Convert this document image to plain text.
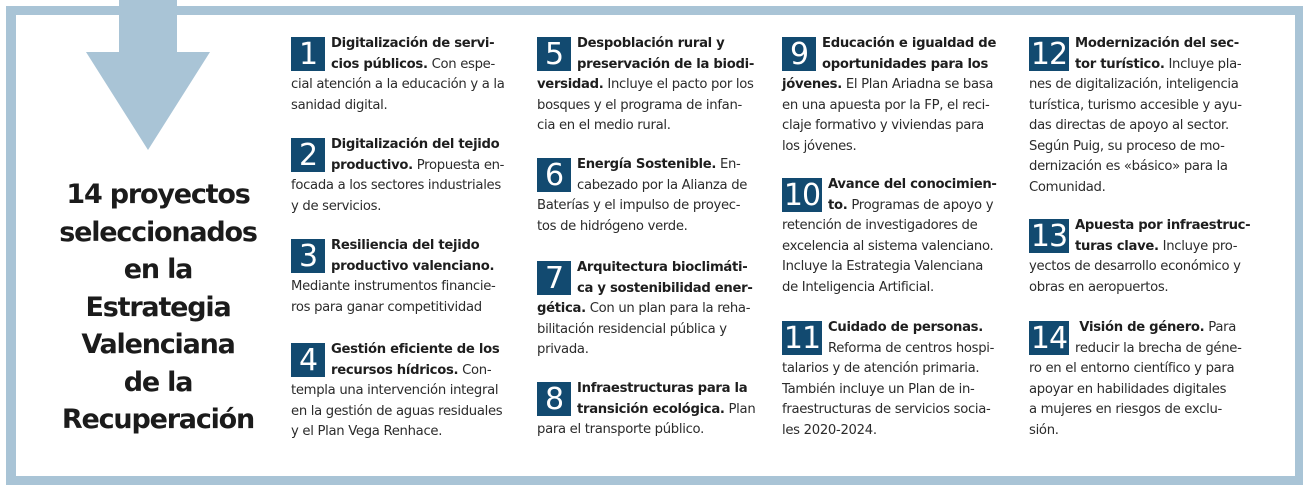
14 proyectos
seleccionados
en la
Estrategia
Valenciana
de la
Recuperación
1	Digitalización de servi-
cios públicos. Con espe-
cial atención a la educación y a la
sanidad digital.
2	Digitalización del tejido
productivo. Propuesta en-
focada a los sectores industriales
y de servicios.
3	Resiliencia del tejido
productivo valenciano.
Mediante instrumentos financie-
ros para ganar competitividad
4	Gestión eficiente de los
recursos hídricos. Con-
templa una intervención integral
en la gestión de aguas residuales
y el Plan Vega Renhace.
5	Despoblación rural y
preservación de la biodi-
versidad. Incluye el pacto por los
bosques y el programa de infan-
cia en el medio rural.
6	Energía Sostenible. En-
cabezado por la Alianza de
Baterías y el impulso de proyec-
tos de hidrógeno verde.
7	Arquitectura bioclimáti-
ca y sostenibilidad ener-
gética. Con un plan para la reha-
bilitación residencial pública y
privada.
8	Infraestructuras para la
transición ecológica. Plan
para el transporte público.
9	Educación e igualdad de
oportunidades para los
jóvenes. El Plan Ariadna se basa
en una apuesta por la FP, el reci-
claje formativo y viviendas para
los jóvenes.
10 Avance del conocimien-
to. Programas de apoyo y
retención de investigadores de
excelencia al sistema valenciano.
Incluye la Estrategia Valenciana
de Inteligencia Artificial.
11 Cuidado de personas.
Reforma de centros hospi-
talarios y de atención primaria.
También incluye un Plan de in-
fraestructuras de servicios socia-
les 2020-2024.
12 Modernización del sec-
tor turístico. Incluye pla-
nes de digitalización, inteligencia
turística, turismo accesible y ayu-
das directas de apoyo al sector.
Según Puig, su proceso de mo-
dernización es «básico» para la
Comunidad.
13 Apuesta por infraestruc-
turas clave. Incluye pro-
yectos de desarrollo económico y
obras en aeropuertos.
14 Visión de género. Para
reducir la brecha de géne-
ro en el entorno científico y para
apoyar en habilidades digitales
a mujeres en riesgos de exclu-
sión.
